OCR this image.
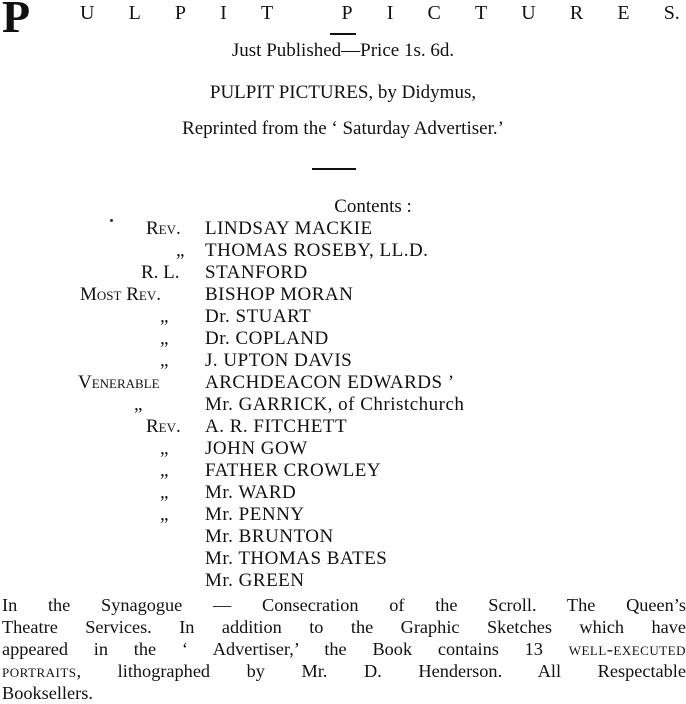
P U L P I T	P I C T U R E S.
Just Published—Price 1s. 6d.
PULPIT PICTURES, by Didymus,
Reprinted from the ‘ Saturday Advertiser.’
Contents :
Rev. LINDSAY MACKIE
„ THOMAS ROSEBY, LL.D.
R. L. STANFORD
Most Rev. BISHOP MORAN
„ Dr. STUART
„ Dr. COPLAND
„ J. UPTON DAVIS
Venerable ARCHDEACON EDWARDS ’
„	Mr. GARRICK, of Christchurch
Rev. A. R. FITCHETT
„ JOHN GOW
„ FATHER CROWLEY
„ Mr. WARD
„ Mr. PENNY
Mr. BRUNTON
Mr. THOMAS BATES
Mr. GREEN
In the Synagogue — Consecration of the Scroll. The Queen’s
Theatre Services. In addition to the Graphic Sketches which have
appeared in the ‘ Advertiser,’ the Book contains 13 well-executed
portraits, lithographed by Mr. D. Henderson. All Respectable
Booksellers.
